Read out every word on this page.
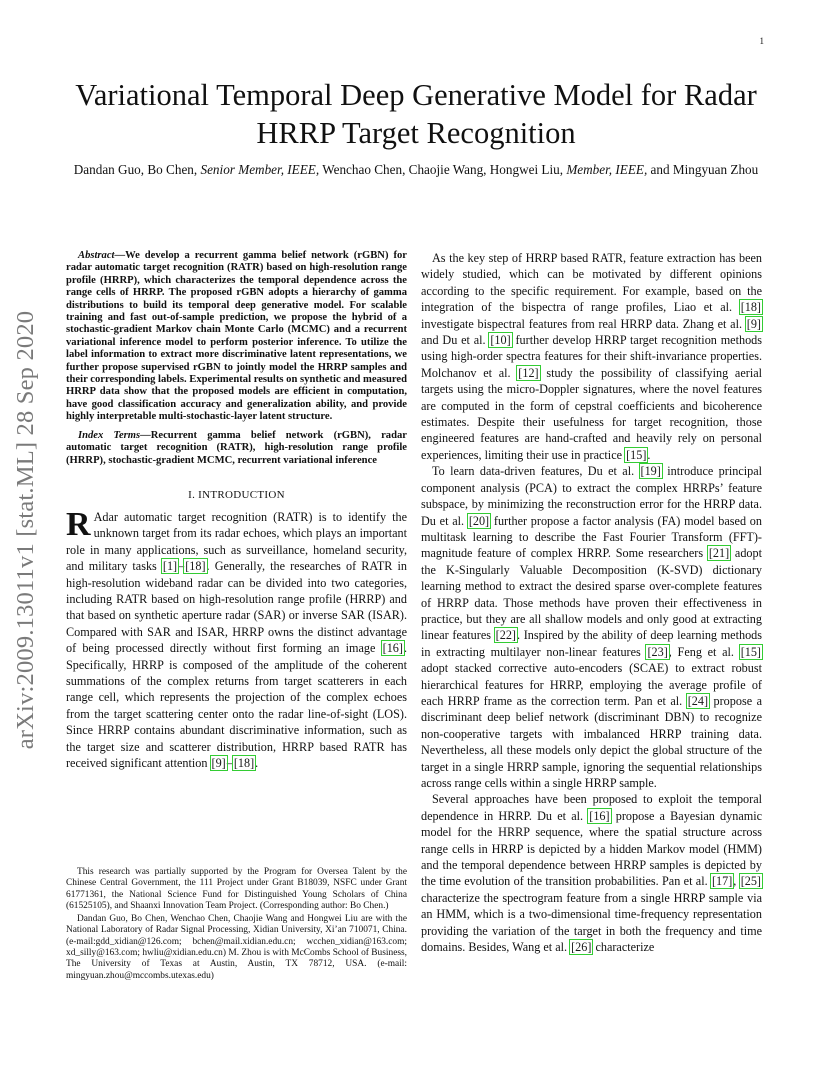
1
arXiv:2009.13011v1 [stat.ML] 28 Sep 2020
Variational Temporal Deep Generative Model for Radar HRRP Target Recognition
Dandan Guo, Bo Chen, Senior Member, IEEE, Wenchao Chen, Chaojie Wang, Hongwei Liu, Member, IEEE, and Mingyuan Zhou

Abstract—We develop a recurrent gamma belief network (rGBN) for radar automatic target recognition (RATR) based on high-resolution range profile (HRRP), which characterizes the temporal dependence across the range cells of HRRP. The proposed rGBN adopts a hierarchy of gamma distributions to build its temporal deep generative model. For scalable training and fast out-of-sample prediction, we propose the hybrid of a stochastic-gradient Markov chain Monte Carlo (MCMC) and a recurrent variational inference model to perform posterior inference. To utilize the label information to extract more discriminative latent representations, we further propose supervised rGBN to jointly model the HRRP samples and their corresponding labels. Experimental results on synthetic and measured HRRP data show that the proposed models are efficient in computation, have good classification accuracy and generalization ability, and provide highly interpretable multi-stochastic-layer latent structure.

Index Terms—Recurrent gamma belief network (rGBN), radar automatic target recognition (RATR), high-resolution range profile (HRRP), stochastic-gradient MCMC, recurrent variational inference

I. INTRODUCTION

R Adar automatic target recognition (RATR) is to identify the unknown target from its radar echoes, which plays an important role in many applications, such as surveillance, homeland security, and military tasks [1]–[18]. Generally, the researches of RATR in high-resolution wideband radar can be divided into two categories, including RATR based on high-resolution range profile (HRRP) and that based on synthetic aperture radar (SAR) or inverse SAR (ISAR). Compared with SAR and ISAR, HRRP owns the distinct advantage of being processed directly without first forming an image [16]. Specifically, HRRP is composed of the amplitude of the coherent summations of the complex returns from target scatterers in each range cell, which represents the projection of the complex echoes from the target scattering center onto the radar line-of-sight (LOS). Since HRRP contains abundant discriminative information, such as the target size and scatterer distribution, HRRP based RATR has received significant attention [9]–[18].

This research was partially supported by the Program for Oversea Talent by the Chinese Central Government, the 111 Project under Grant B18039, NSFC under Grant 61771361, the National Science Fund for Distinguished Young Scholars of China (61525105), and Shaanxi Innovation Team Project. (Corresponding author: Bo Chen.)

Dandan Guo, Bo Chen, Wenchao Chen, Chaojie Wang and Hongwei Liu are with the National Laboratory of Radar Signal Processing, Xidian University, Xi’an 710071, China. (e-mail:gdd_xidian@126.com; bchen@mail.xidian.edu.cn; wcchen_xidian@163.com; xd_silly@163.com; hwliu@xidian.edu.cn) M. Zhou is with McCombs School of Business, The University of Texas at Austin, Austin, TX 78712, USA. (e-mail: mingyuan.zhou@mccombs.utexas.edu)

As the key step of HRRP based RATR, feature extraction has been widely studied, which can be motivated by different opinions according to the specific requirement. For example, based on the integration of the bispectra of range profiles, Liao et al. [18] investigate bispectral features from real HRRP data. Zhang et al. [9] and Du et al. [10] further develop HRRP target recognition methods using high-order spectra features for their shift-invariance properties. Molchanov et al. [12] study the possibility of classifying aerial targets using the micro-Doppler signatures, where the novel features are computed in the form of cepstral coefficients and bicoherence estimates. Despite their usefulness for target recognition, those engineered features are hand-crafted and heavily rely on personal experiences, limiting their use in practice [15].

To learn data-driven features, Du et al. [19] introduce principal component analysis (PCA) to extract the complex HRRPs’ feature subspace, by minimizing the reconstruction error for the HRRP data. Du et al. [20] further propose a factor analysis (FA) model based on multitask learning to describe the Fast Fourier Transform (FFT)-magnitude feature of complex HRRP. Some researchers [21] adopt the K-Singularly Valuable Decomposition (K-SVD) dictionary learning method to extract the desired sparse over-complete features of HRRP data. Those methods have proven their effectiveness in practice, but they are all shallow models and only good at extracting linear features [22]. Inspired by the ability of deep learning methods in extracting multilayer non-linear features [23], Feng et al. [15] adopt stacked corrective auto-encoders (SCAE) to extract robust hierarchical features for HRRP, employing the average profile of each HRRP frame as the correction term. Pan et al. [24] propose a discriminant deep belief network (discriminant DBN) to recognize non-cooperative targets with imbalanced HRRP training data. Nevertheless, all these models only depict the global structure of the target in a single HRRP sample, ignoring the sequential relationships across range cells within a single HRRP sample.

Several approaches have been proposed to exploit the temporal dependence in HRRP. Du et al. [16] propose a Bayesian dynamic model for the HRRP sequence, where the spatial structure across range cells in HRRP is depicted by a hidden Markov model (HMM) and the temporal dependence between HRRP samples is depicted by the time evolution of the transition probabilities. Pan et al. [17], [25] characterize the spectrogram feature from a single HRRP sample via an HMM, which is a two-dimensional time-frequency representation providing the variation of the target in both the frequency and time domains. Besides, Wang et al. [26] characterize
